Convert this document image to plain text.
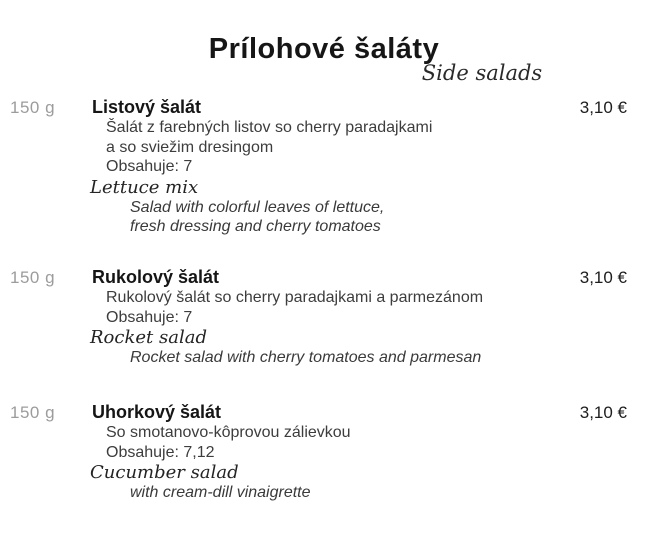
Prílohové šaláty
Side salads
150 g	3,10 €
Listový šalát
Šalát z farebných listov so cherry paradajkami
a so sviežim dresingom
Obsahuje: 7
Lettuce mix
Salad with colorful leaves of lettuce,
fresh dressing and cherry tomatoes
150 g	3,10 €
Rukolový šalát
Rukolový šalát so cherry paradajkami a parmezánom
Obsahuje: 7
Rocket salad
Rocket salad with cherry tomatoes and parmesan
150 g	3,10 €
Uhorkový šalát
So smotanovo-kôprovou zálievkou
Obsahuje: 7,12
Cucumber salad
with cream-dill vinaigrette
